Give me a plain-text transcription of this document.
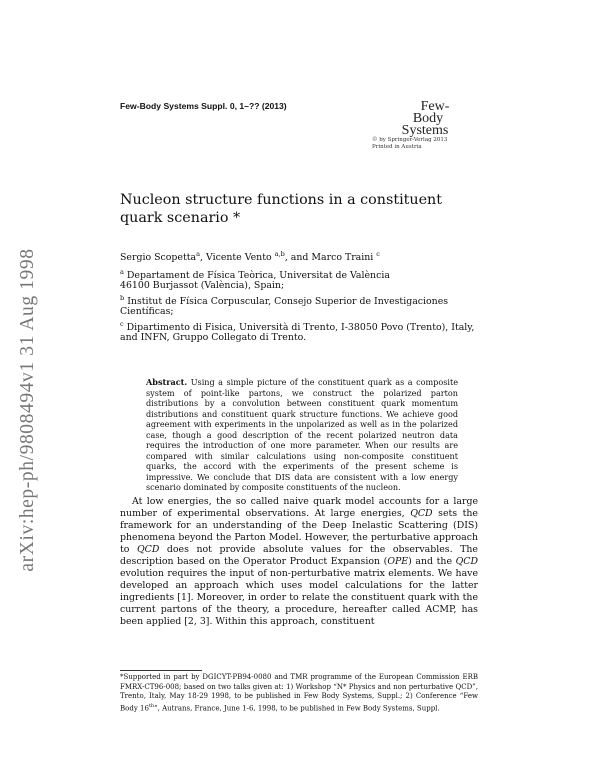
arXiv:hep-ph/9808494v1 31 Aug 1998
Few-Body Systems Suppl. 0, 1–?? (2013)	Few-
Body
Systems
© by Springer-Verlag 2013
Printed in Austria
Nucleon structure functions in a constituent quark scenario *
Sergio Scopetta$^a$, Vicente Vento $^{a,b}$, and Marco Traini $^c$
$^a$ Departament de Física Teòrica, Universitat de València
46100 Burjassot (València), Spain;
$^b$ Institut de Física Corpuscular, Consejo Superior de Investigaciones
Científicas;
$^c$ Dipartimento di Fisica, Università di Trento, I-38050 Povo (Trento), Italy,
and INFN, Gruppo Collegato di Trento.
Abstract. Using a simple picture of the constituent quark as a composite system of point-like partons, we construct the polarized parton distributions by a convolution between constituent quark momentum distributions and constituent quark structure functions. We achieve good agreement with experiments in the unpolarized as well as in the polarized case, though a good description of the recent polarized neutron data requires the introduction of one more parameter. When our results are compared with similar calculations using non-composite constituent quarks, the accord with the experiments of the present scheme is impressive. We conclude that DIS data are consistent with a low energy scenario dominated by composite constituents of the nucleon.

At low energies, the so called naive quark model accounts for a large number of experimental observations. At large energies, QCD sets the framework for an understanding of the Deep Inelastic Scattering (DIS) phenomena beyond the Parton Model. However, the perturbative approach to QCD does not provide absolute values for the observables. The description based on the Operator Product Expansion (OPE) and the QCD evolution requires the input of non-perturbative matrix elements. We have developed an approach which uses model calculations for the latter ingredients [1]. Moreover, in order to relate the constituent quark with the current partons of the theory, a procedure, hereafter called ACMP, has been applied [2, 3]. Within this approach, constituent

*Supported in part by DGICYT-PB94-0080 and TMR programme of the European Commission ERB FMRX-CT96-008; based on two talks given at: 1) Workshop “N* Physics and non perturbative QCD”, Trento, Italy, May 18-29 1998, to be published in Few Body Systems, Suppl.; 2) Conference “Few Body 16th”, Autrans, France, June 1-6, 1998, to be published in Few Body Systems, Suppl.
